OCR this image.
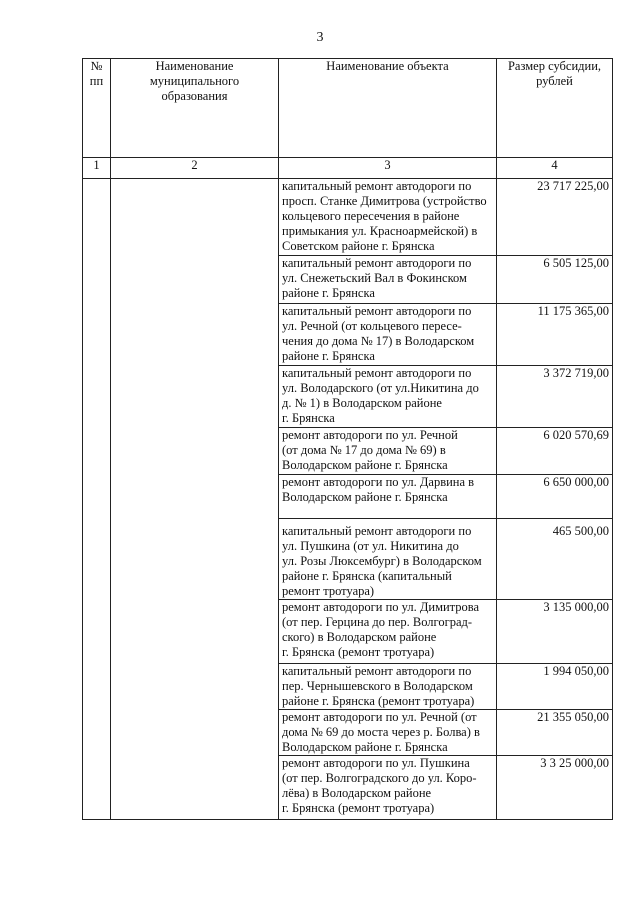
3
№
пп	Наименование
муниципального
образования	Наименование объекта	Размер субсидии,
рублей
1	2	3	4
		капитальный ремонт автодороги по
просп. Станке Димитрова (устройство
кольцевого пересечения в районе
примыкания ул. Красноармейской) в
Советском районе г. Брянска	23 717 225,00
		капитальный ремонт автодороги по
ул. Снежетьский Вал в Фокинском
районе г. Брянска	6 505 125,00
		капитальный ремонт автодороги по
ул. Речной (от кольцевого пересе-
чения до дома № 17) в Володарском
районе г. Брянска	11 175 365,00
		капитальный ремонт автодороги по
ул. Володарского (от ул.Никитина до
д. № 1) в Володарском районе
г. Брянска	3 372 719,00
		ремонт автодороги по ул. Речной
(от дома № 17 до дома № 69) в
Володарском районе г. Брянска	6 020 570,69
		ремонт автодороги по ул. Дарвина в
Володарском районе г. Брянска	6 650 000,00
		капитальный ремонт автодороги по
ул. Пушкина (от ул. Никитина до
ул. Розы Люксембург) в Володарском
районе г. Брянска (капитальный
ремонт тротуара)	465 500,00
		ремонт автодороги по ул. Димитрова
(от пер. Герцина до пер. Волгоград-
ского) в Володарском районе
г. Брянска (ремонт тротуара)	3 135 000,00
		капитальный ремонт автодороги по
пер. Чернышевского в Володарском
районе г. Брянска (ремонт тротуара)	1 994 050,00
		ремонт автодороги по ул. Речной (от
дома № 69 до моста через р. Болва) в
Володарском районе г. Брянска	21 355 050,00
		ремонт автодороги по ул. Пушкина
(от пер. Волгоградского до ул. Коро-
лёва) в Володарском районе
г. Брянска (ремонт тротуара)	3 3 25 000,00
